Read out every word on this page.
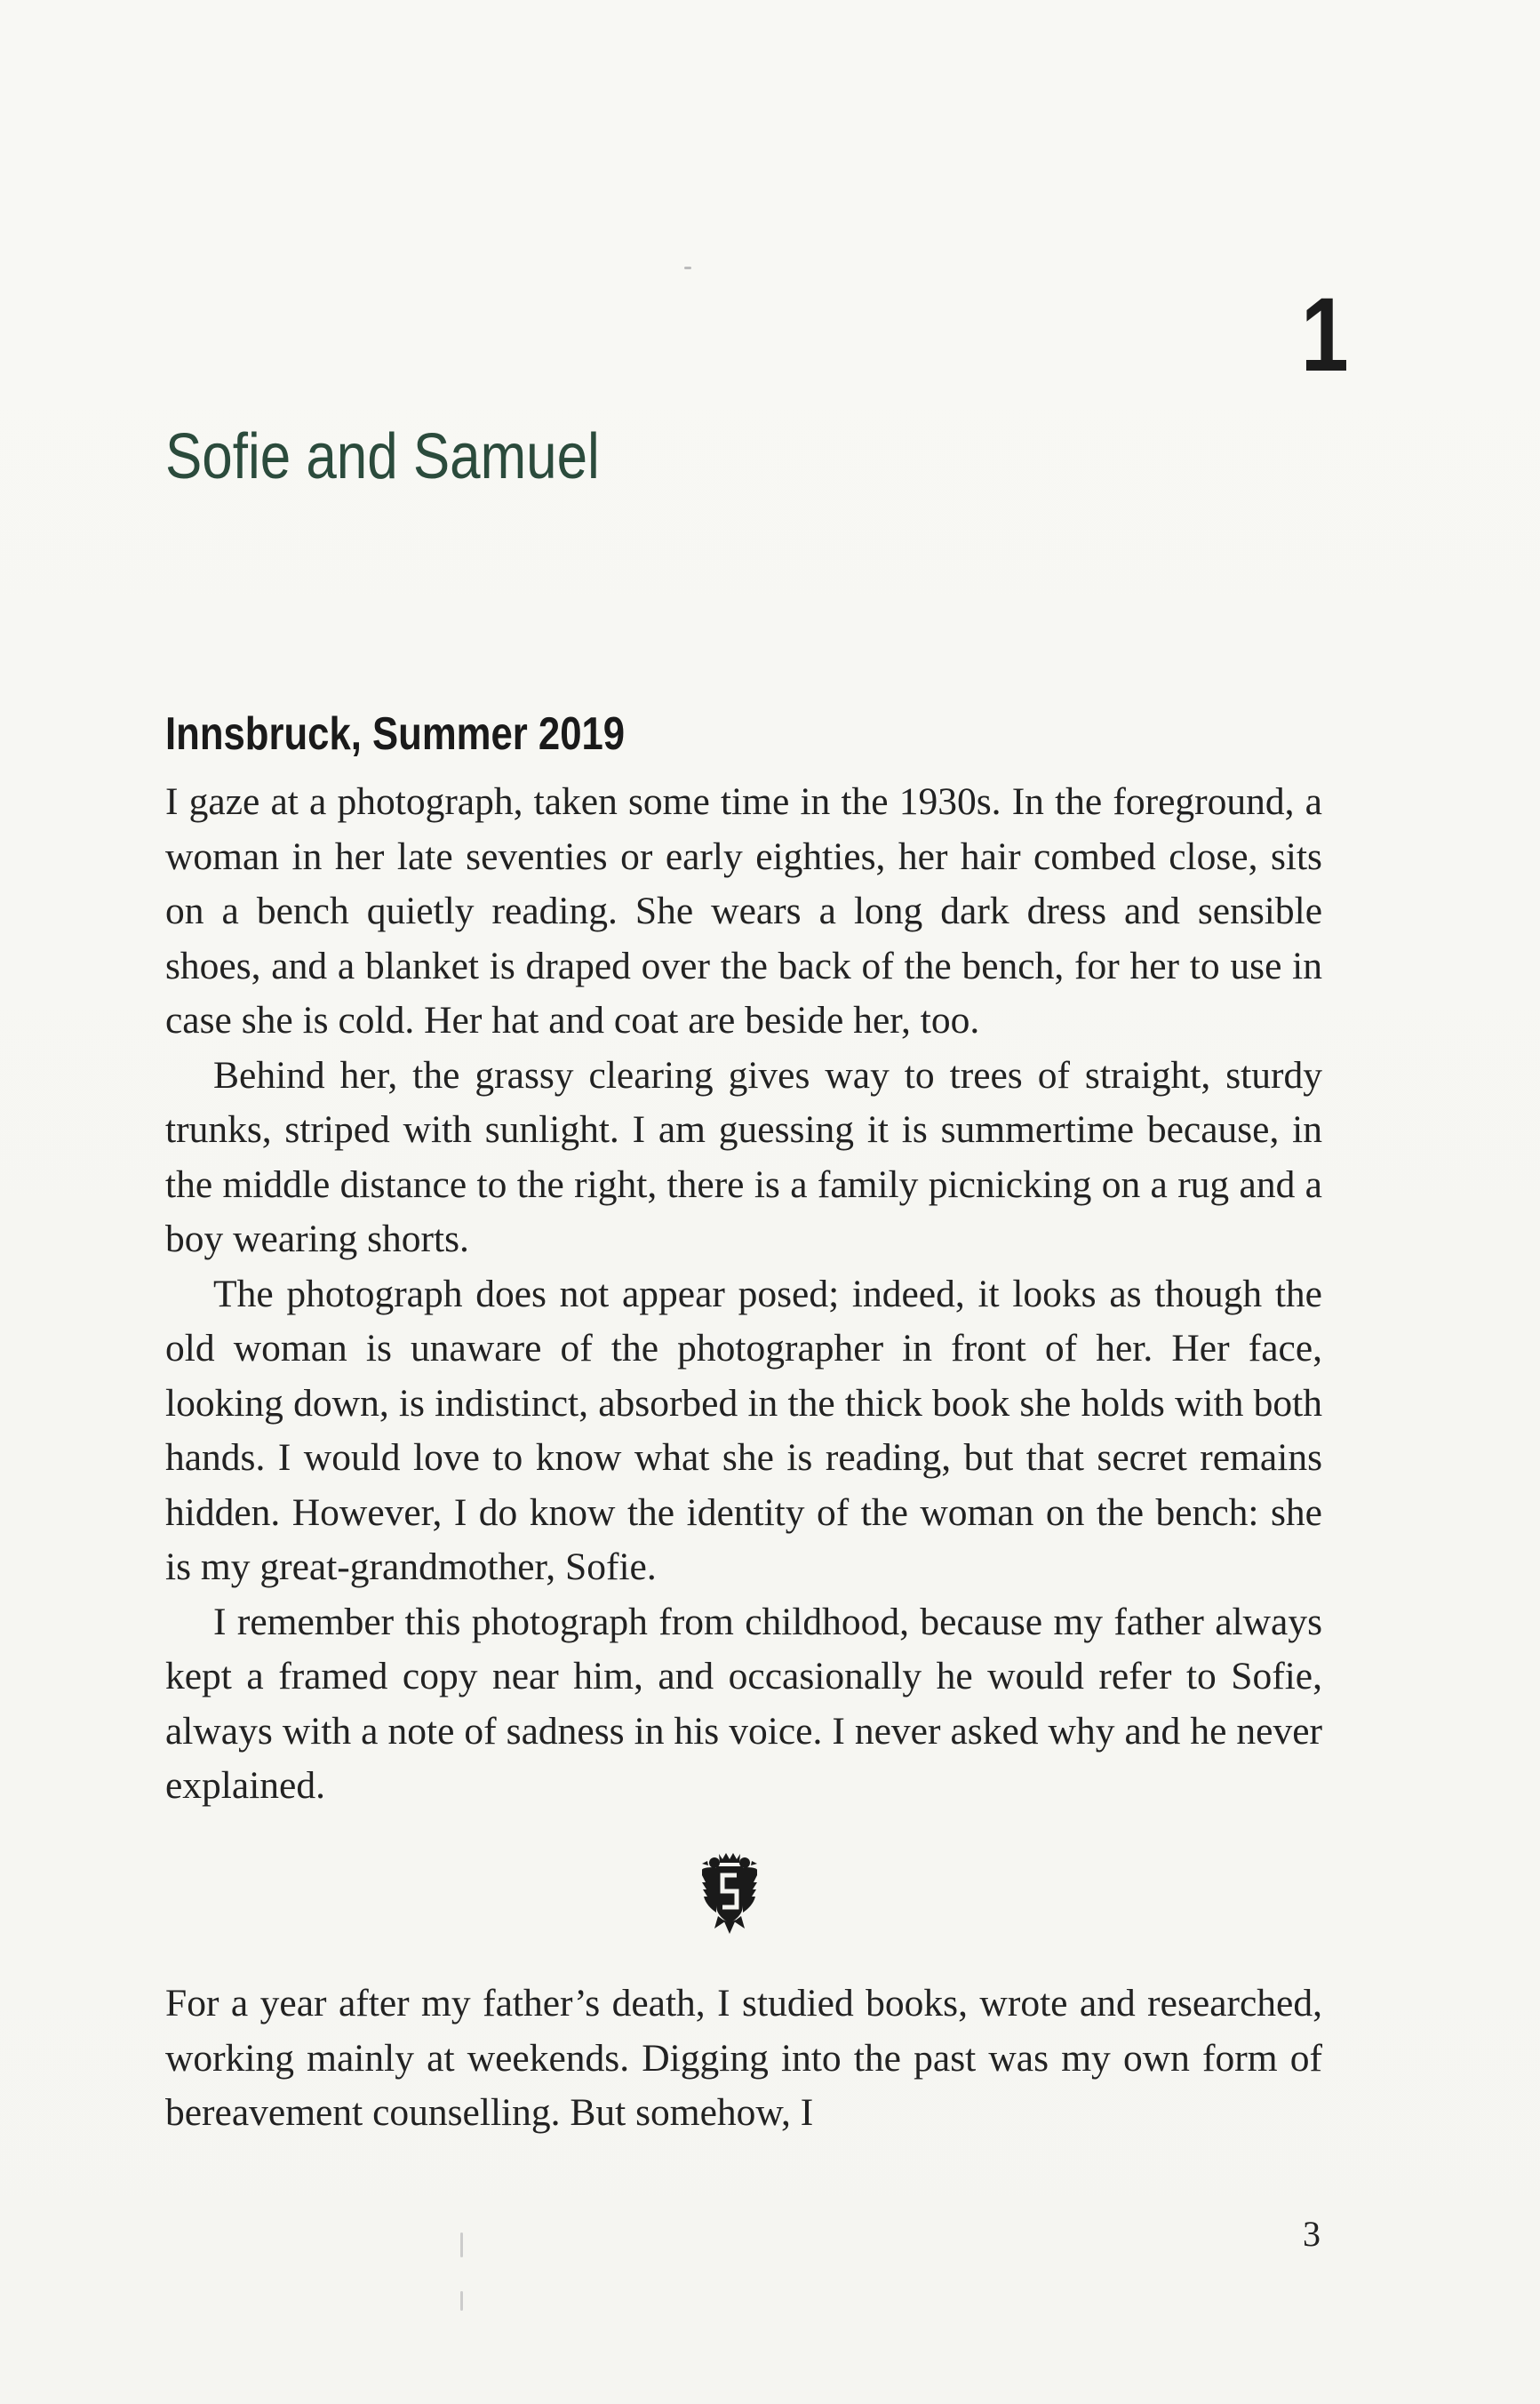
1
Sofie and Samuel
Innsbruck, Summer 2019

I gaze at a photograph, taken some time in the 1930s. In the foreground, a woman in her late seventies or early eighties, her hair combed close, sits on a bench quietly reading. She wears a long dark dress and sensible shoes, and a blanket is draped over the back of the bench, for her to use in case she is cold. Her hat and coat are beside her, too.

Behind her, the grassy clearing gives way to trees of straight, sturdy trunks, striped with sunlight. I am guessing it is summertime because, in the middle distance to the right, there is a family picnicking on a rug and a boy wearing shorts.

The photograph does not appear posed; indeed, it looks as though the old woman is unaware of the photographer in front of her. Her face, looking down, is indistinct, absorbed in the thick book she holds with both hands. I would love to know what she is reading, but that secret remains hidden. However, I do know the identity of the woman on the bench: she is my great-grandmother, Sofie.

I remember this photograph from childhood, because my father always kept a framed copy near him, and occasionally he would refer to Sofie, always with a note of sadness in his voice. I never asked why and he never explained.

For a year after my father’s death, I studied books, wrote and researched, working mainly at weekends. Digging into the past was my own form of bereavement counselling. But somehow, I

3
